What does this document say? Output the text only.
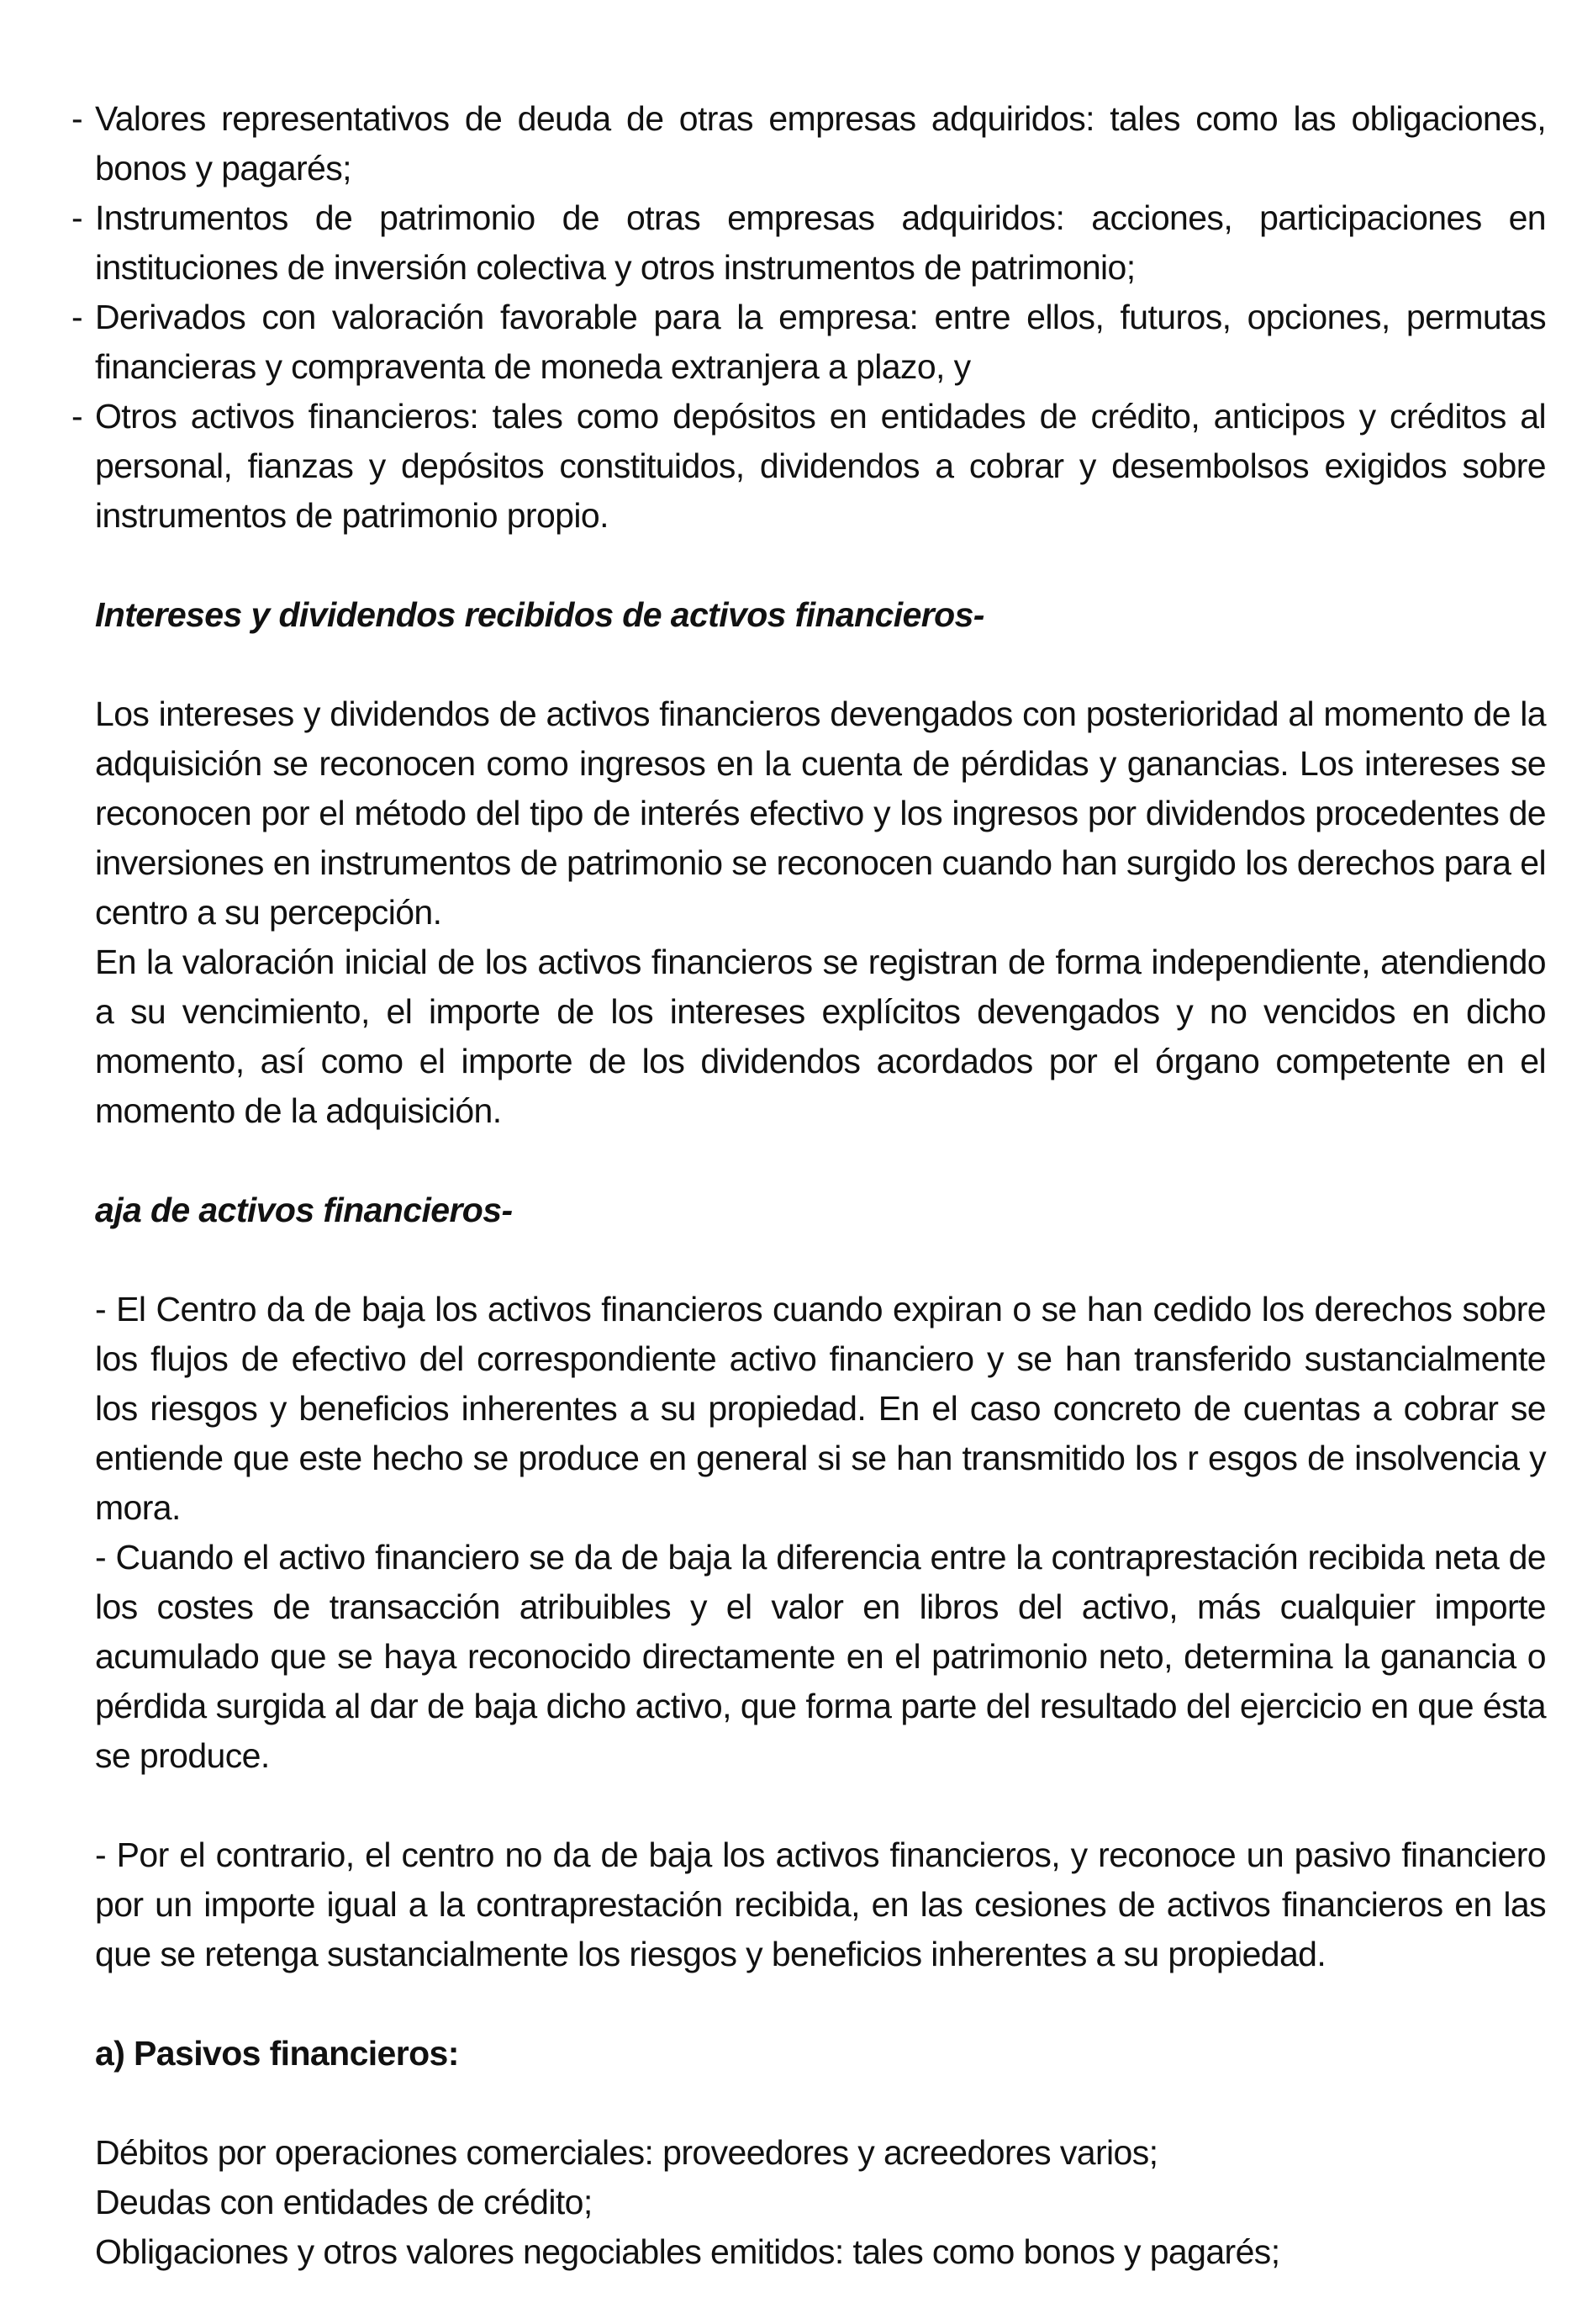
- Valores representativos de deuda de otras empresas adquiridos: tales como las obligaciones, bonos y pagarés;
- Instrumentos de patrimonio de otras empresas adquiridos: acciones, participaciones en instituciones de inversión colectiva y otros instrumentos de patrimonio;
- Derivados con valoración favorable para la empresa: entre ellos, futuros, opciones, permutas financieras y compraventa de moneda extranjera a plazo, y
- Otros activos financieros: tales como depósitos en entidades de crédito, anticipos y créditos al personal, fianzas y depósitos constituidos, dividendos a cobrar y desembolsos exigidos sobre instrumentos de patrimonio propio.

Intereses y dividendos recibidos de activos financieros-

Los intereses y dividendos de activos financieros devengados con posterioridad al momento de la adquisición se reconocen como ingresos en la cuenta de pérdidas y ganancias. Los intereses se reconocen por el método del tipo de interés efectivo y los ingresos por dividendos procedentes de inversiones en instrumentos de patrimonio se reconocen cuando han surgido los derechos para el centro a su percepción.

En la valoración inicial de los activos financieros se registran de forma independiente, atendiendo a su vencimiento, el importe de los intereses explícitos devengados y no vencidos en dicho momento, así como el importe de los dividendos acordados por el órgano competente en el momento de la adquisición.

aja de activos financieros-

- El Centro da de baja los activos financieros cuando expiran o se han cedido los derechos sobre los flujos de efectivo del correspondiente activo financiero y se han transferido sustancialmente los riesgos y beneficios inherentes a su propiedad. En el caso concreto de cuentas a cobrar se entiende que este hecho se produce en general si se han transmitido los r esgos de insolvencia y mora.

- Cuando el activo financiero se da de baja la diferencia entre la contraprestación recibida neta de los costes de transacción atribuibles y el valor en libros del activo, más cualquier importe acumulado que se haya reconocido directamente en el patrimonio neto, determina la ganancia o pérdida surgida al dar de baja dicho activo, que forma parte del resultado del ejercicio en que ésta se produce.

- Por el contrario, el centro no da de baja los activos financieros, y reconoce un pasivo financiero por un importe igual a la contraprestación recibida, en las cesiones de activos financieros en las que se retenga sustancialmente los riesgos y beneficios inherentes a su propiedad.

a) Pasivos financieros:

Débitos por operaciones comerciales: proveedores y acreedores varios;

Deudas con entidades de crédito;

Obligaciones y otros valores negociables emitidos: tales como bonos y pagarés;
